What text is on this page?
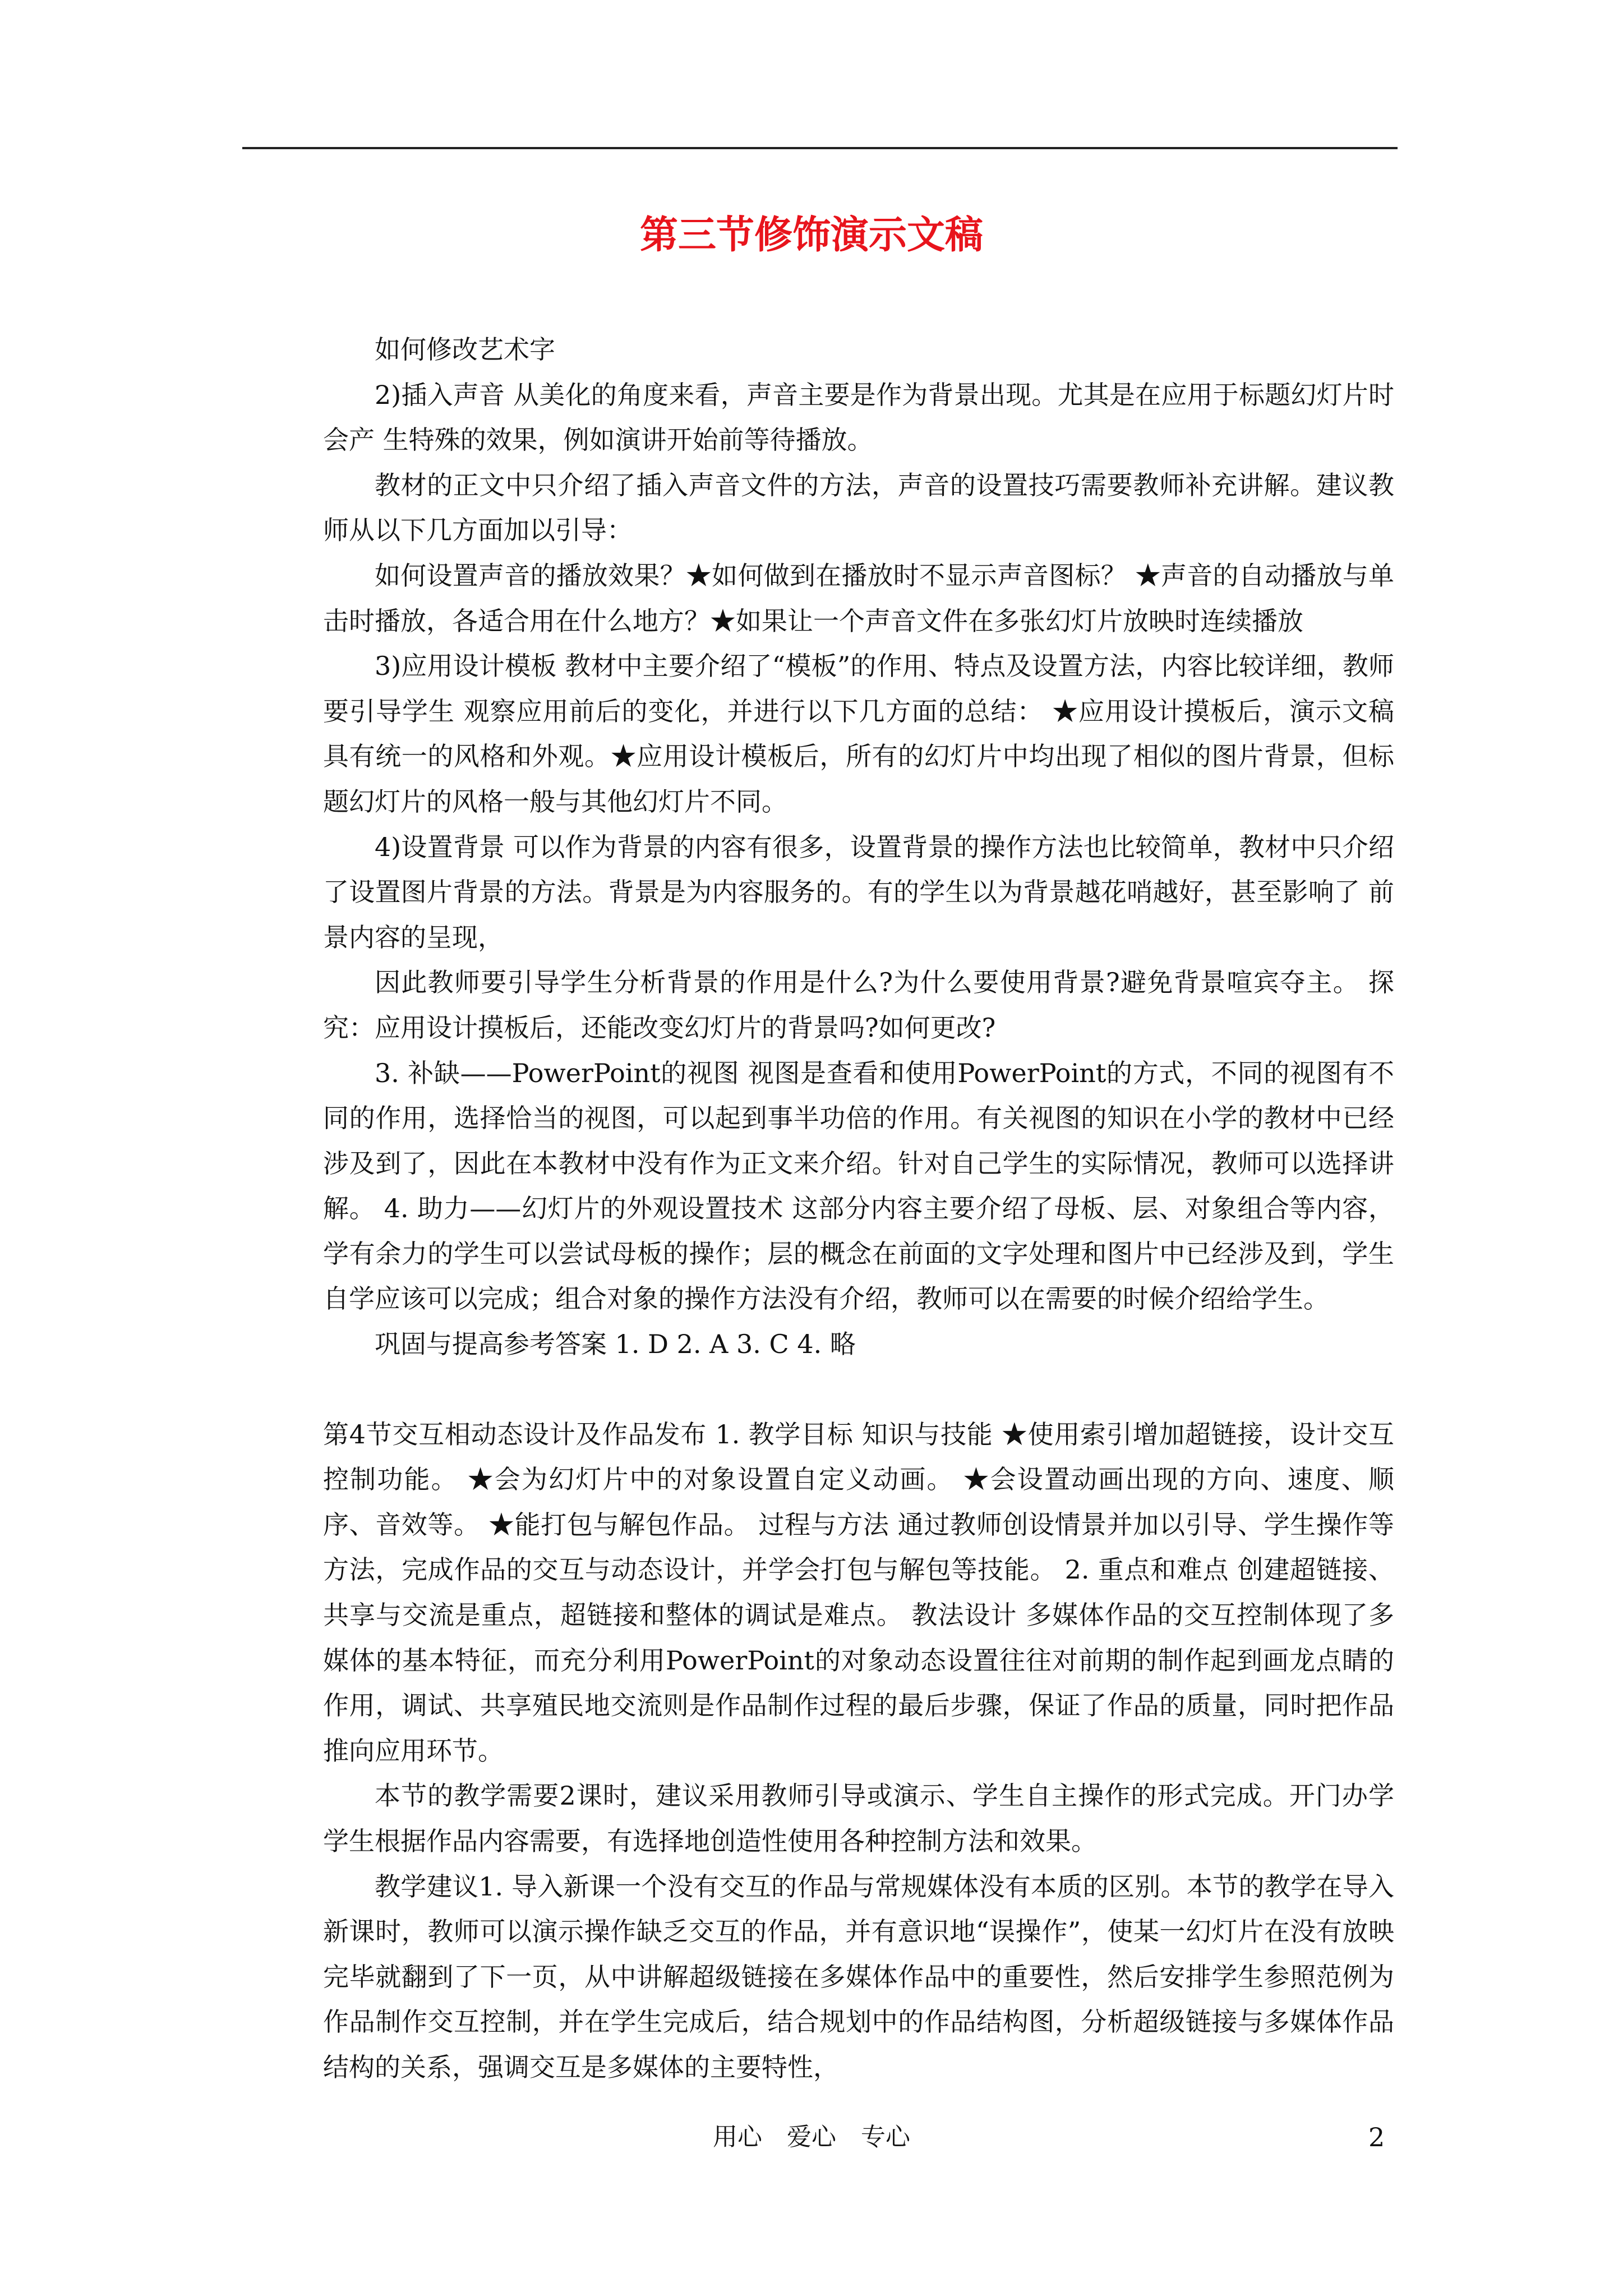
第三节修饰演示文稿

如何修改艺术字

2)插入声音 从美化的角度来看，声音主要是作为背景出现。尤其是在应用于标题幻灯片时会产 生特殊的效果，例如演讲开始前等待播放。

教材的正文中只介绍了插入声音文件的方法，声音的设置技巧需要教师补充讲解。建议教师从以下几方面加以引导：

如何设置声音的播放效果？★如何做到在播放时不显示声音图标？ ★声音的自动播放与单击时播放，各适合用在什么地方？★如果让一个声音文件在多张幻灯片放映时连续播放

3)应用设计模板 教材中主要介绍了“模板”的作用、特点及设置方法，内容比较详细，教师要引导学生 观察应用前后的变化，并进行以下几方面的总结： ★应用设计摸板后，演示文稿具有统一的风格和外观。★应用设计模板后，所有的幻灯片中均出现了相似的图片背景，但标题幻灯片的风格一般与其他幻灯片不同。

4)设置背景 可以作为背景的内容有很多，设置背景的操作方法也比较简单，教材中只介绍了设置图片背景的方法。背景是为内容服务的。有的学生以为背景越花哨越好，甚至影响了 前景内容的呈现，

因此教师要引导学生分析背景的作用是什么?为什么要使用背景?避免背景喧宾夺主。 探究：应用设计摸板后，还能改变幻灯片的背景吗?如何更改?

3. 补缺——PowerPoint的视图 视图是查看和使用PowerPoint的方式，不同的视图有不同的作用，选择恰当的视图，可以起到事半功倍的作用。有关视图的知识在小学的教材中已经涉及到了，因此在本教材中没有作为正文来介绍。针对自己学生的实际情况，教师可以选择讲解。 4. 助力——幻灯片的外观设置技术 这部分内容主要介绍了母板、层、对象组合等内容，学有余力的学生可以尝试母板的操作；层的概念在前面的文字处理和图片中已经涉及到，学生自学应该可以完成；组合对象的操作方法没有介绍，教师可以在需要的时候介绍给学生。

巩固与提高参考答案 1. D 2. A 3. C 4. 略

第4节交互相动态设计及作品发布 1. 教学目标 知识与技能 ★使用索引增加超链接，设计交互控制功能。 ★会为幻灯片中的对象设置自定义动画。 ★会设置动画出现的方向、速度、顺序、音效等。 ★能打包与解包作品。 过程与方法 通过教师创设情景并加以引导、学生操作等方法，完成作品的交互与动态设计，并学会打包与解包等技能。 2. 重点和难点 创建超链接、共享与交流是重点，超链接和整体的调试是难点。 教法设计 多媒体作品的交互控制体现了多媒体的基本特征，而充分利用PowerPoint的对象动态设置往往对前期的制作起到画龙点睛的作用，调试、共享殖民地交流则是作品制作过程的最后步骤，保证了作品的质量，同时把作品推向应用环节。

本节的教学需要2课时，建议采用教师引导或演示、学生自主操作的形式完成。开门办学学生根据作品内容需要，有选择地创造性使用各种控制方法和效果。

教学建议1. 导入新课一个没有交互的作品与常规媒体没有本质的区别。本节的教学在导入新课时，教师可以演示操作缺乏交互的作品，并有意识地“误操作”，使某一幻灯片在没有放映完毕就翻到了下一页，从中讲解超级链接在多媒体作品中的重要性，然后安排学生参照范例为作品制作交互控制，并在学生完成后，结合规划中的作品结构图，分析超级链接与多媒体作品结构的关系，强调交互是多媒体的主要特性，

用心 爱心 专心	2
